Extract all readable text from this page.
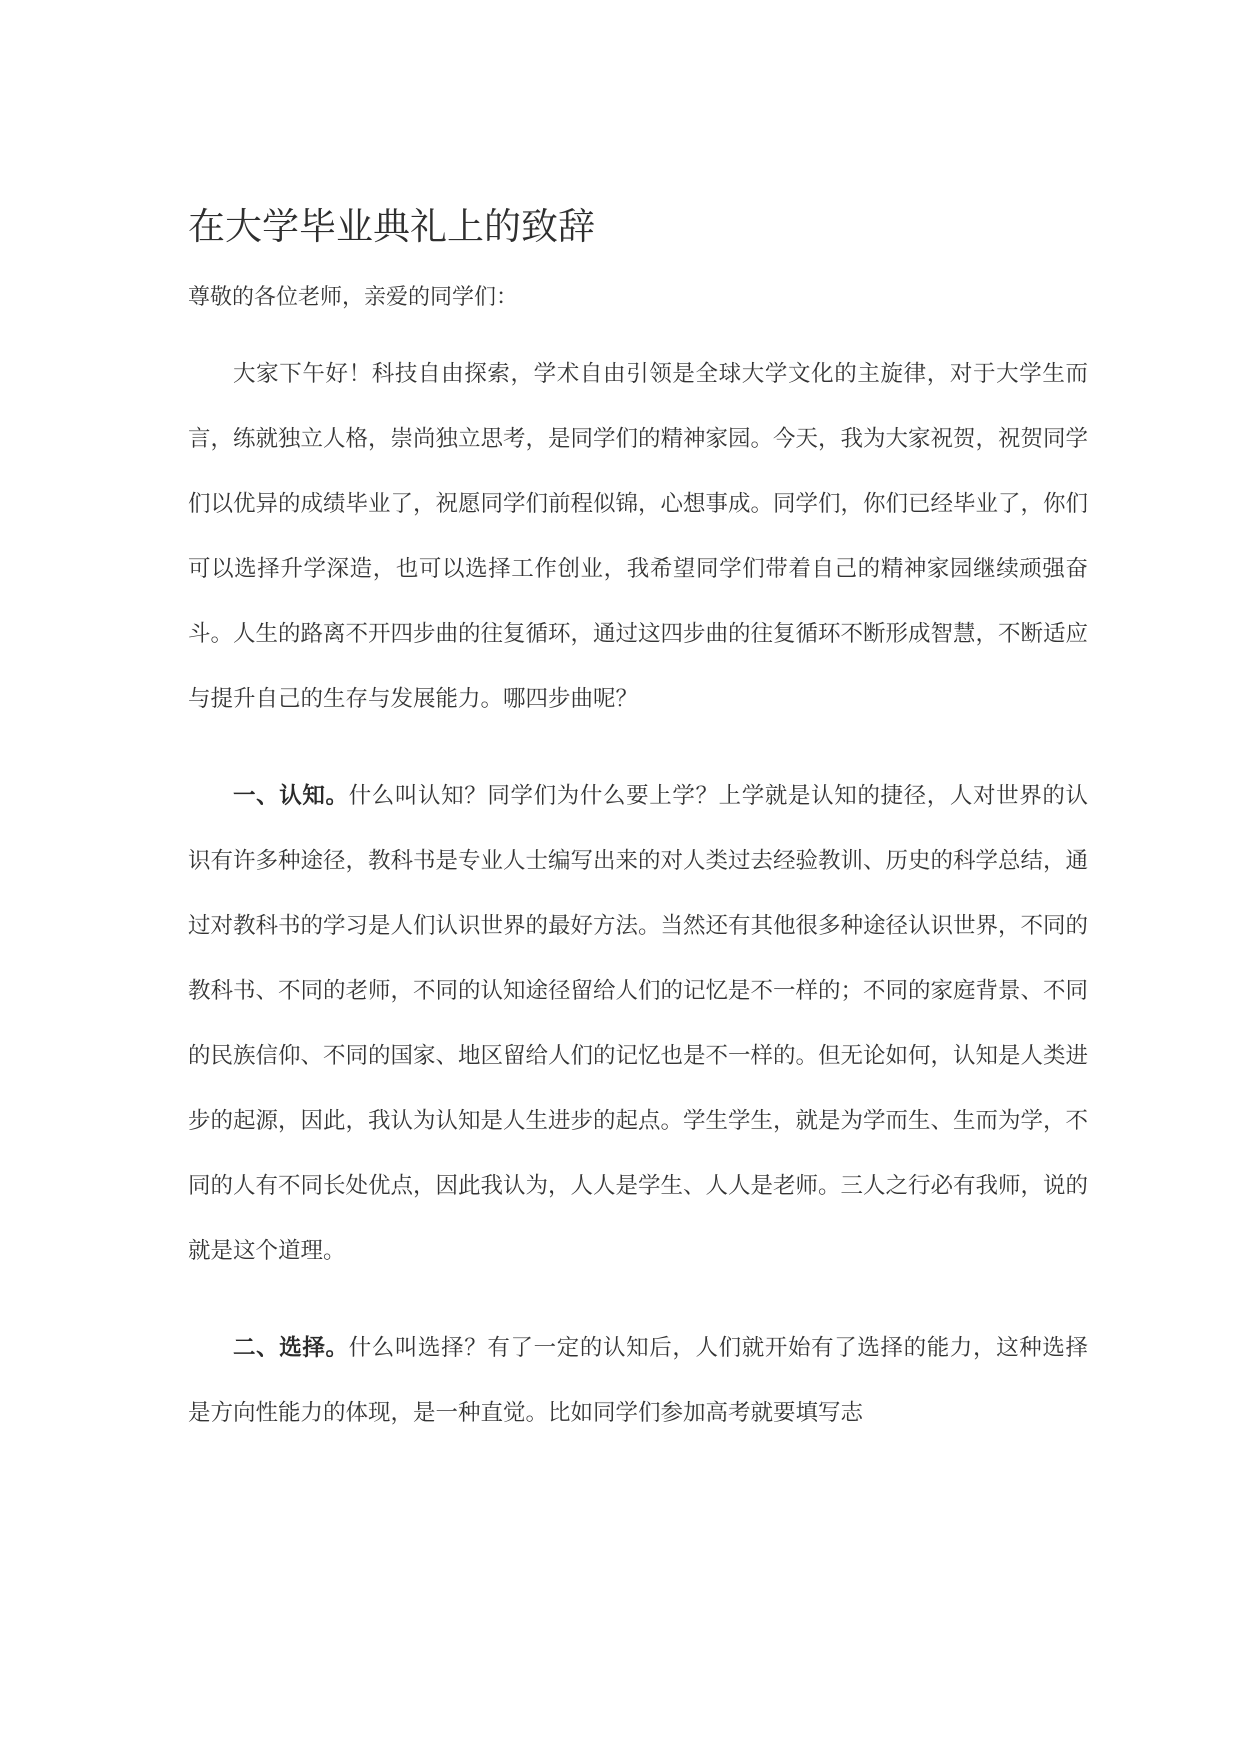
在大学毕业典礼上的致辞

尊敬的各位老师，亲爱的同学们：

大家下午好！科技自由探索，学术自由引领是全球大学文化的主旋律，对于大学生而言，练就独立人格，崇尚独立思考，是同学们的精神家园。今天，我为大家祝贺，祝贺同学们以优异的成绩毕业了，祝愿同学们前程似锦，心想事成。同学们，你们已经毕业了，你们可以选择升学深造，也可以选择工作创业，我希望同学们带着自己的精神家园继续顽强奋斗。人生的路离不开四步曲的往复循环，通过这四步曲的往复循环不断形成智慧，不断适应与提升自己的生存与发展能力。哪四步曲呢？

一、认知。什么叫认知？同学们为什么要上学？上学就是认知的捷径，人对世界的认识有许多种途径，教科书是专业人士编写出来的对人类过去经验教训、历史的科学总结，通过对教科书的学习是人们认识世界的最好方法。当然还有其他很多种途径认识世界，不同的教科书、不同的老师，不同的认知途径留给人们的记忆是不一样的；不同的家庭背景、不同的民族信仰、不同的国家、地区留给人们的记忆也是不一样的。但无论如何，认知是人类进步的起源，因此，我认为认知是人生进步的起点。学生学生，就是为学而生、生而为学，不同的人有不同长处优点，因此我认为，人人是学生、人人是老师。三人之行必有我师，说的就是这个道理。

二、选择。什么叫选择？有了一定的认知后，人们就开始有了选择的能力，这种选择是方向性能力的体现，是一种直觉。比如同学们参加高考就要填写志
